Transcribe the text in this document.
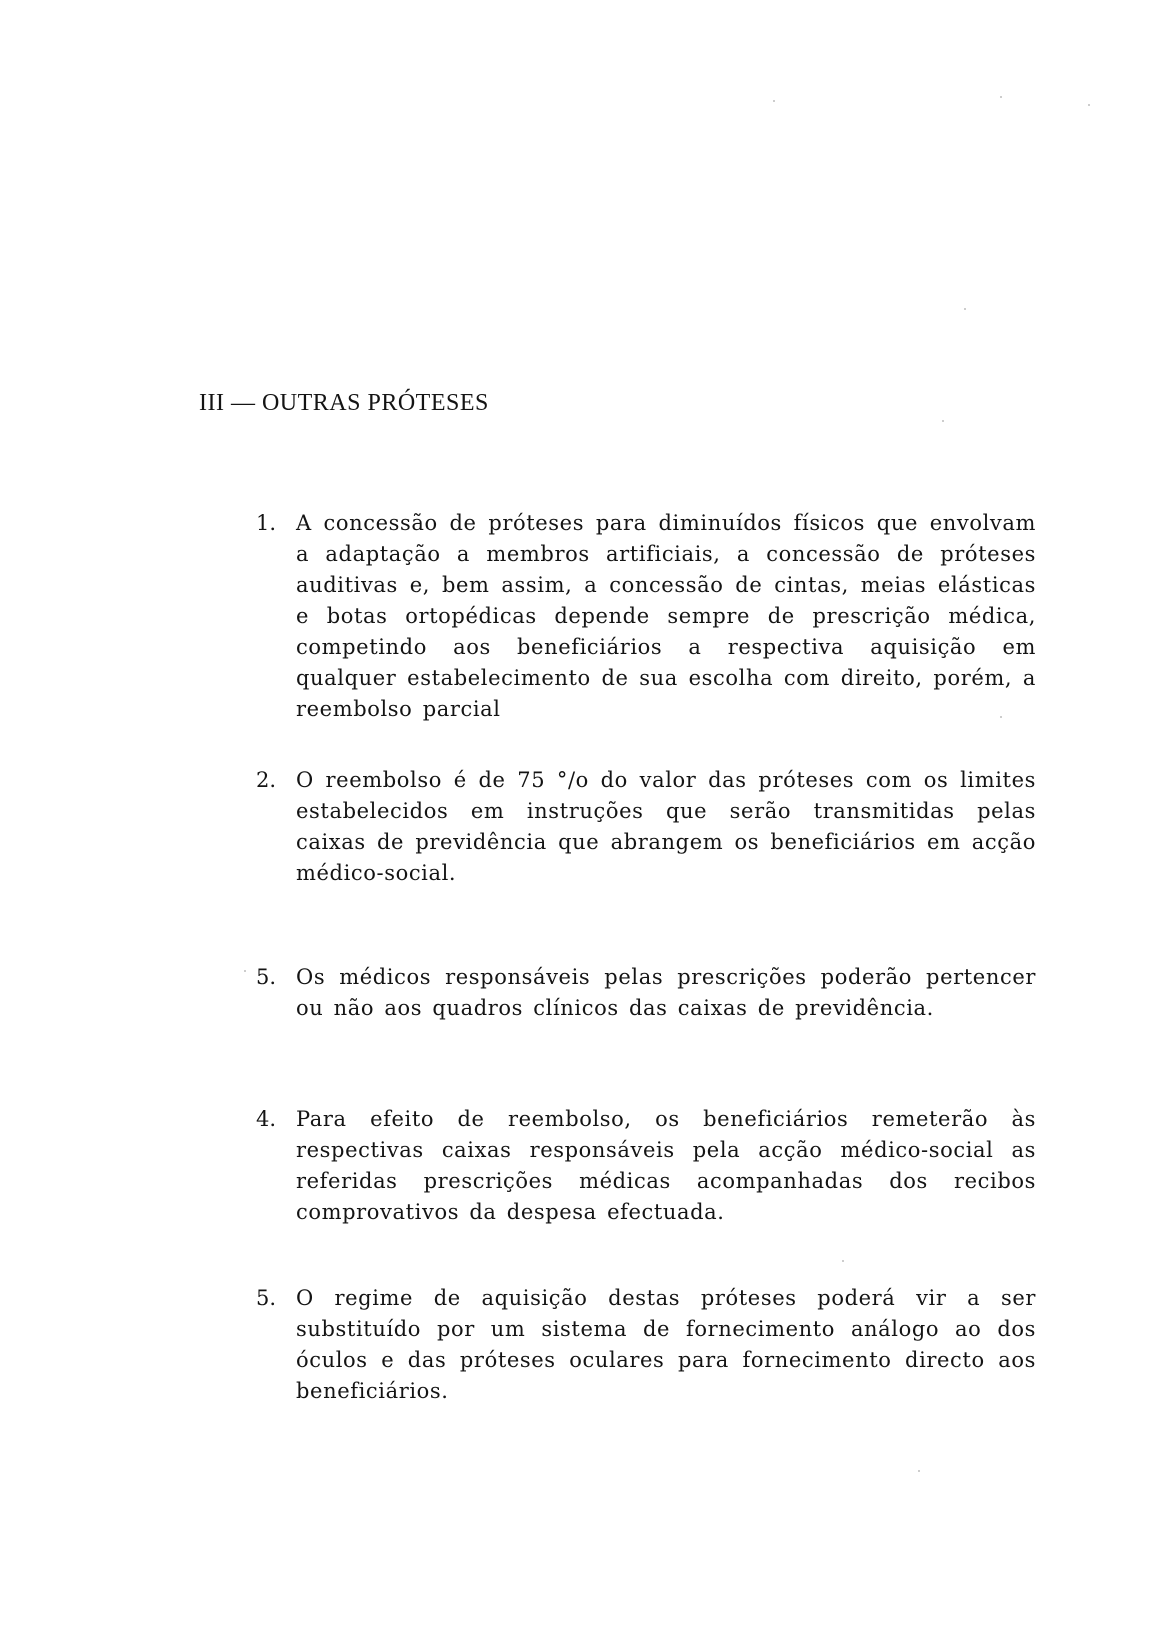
III — OUTRAS PRÓTESES
1. A concessão de próteses para diminuídos físicos que envolvam a adaptação a membros artificiais, a concessão de próteses auditivas e, bem assim, a concessão de cintas, meias elásticas e botas ortopédicas depende sempre de prescrição médica, competindo aos beneficiários a respectiva aquisição em qualquer estabelecimento de sua escolha com direito, porém, a reembolso parcial
2. O reembolso é de 75 °/o do valor das próteses com os limites estabelecidos em instruções que serão transmitidas pelas caixas de previdência que abrangem os beneficiários em acção médico-social.
5. Os médicos responsáveis pelas prescrições poderão pertencer ou não aos quadros clínicos das caixas de previdência.
4. Para efeito de reembolso, os beneficiários remeterão às respectivas caixas responsáveis pela acção médico-social as referidas prescrições médicas acompanhadas dos recibos comprovativos da despesa efectuada.
5. O regime de aquisição destas próteses poderá vir a ser substituído por um sistema de fornecimento análogo ao dos óculos e das próteses oculares para fornecimento directo aos beneficiários.
